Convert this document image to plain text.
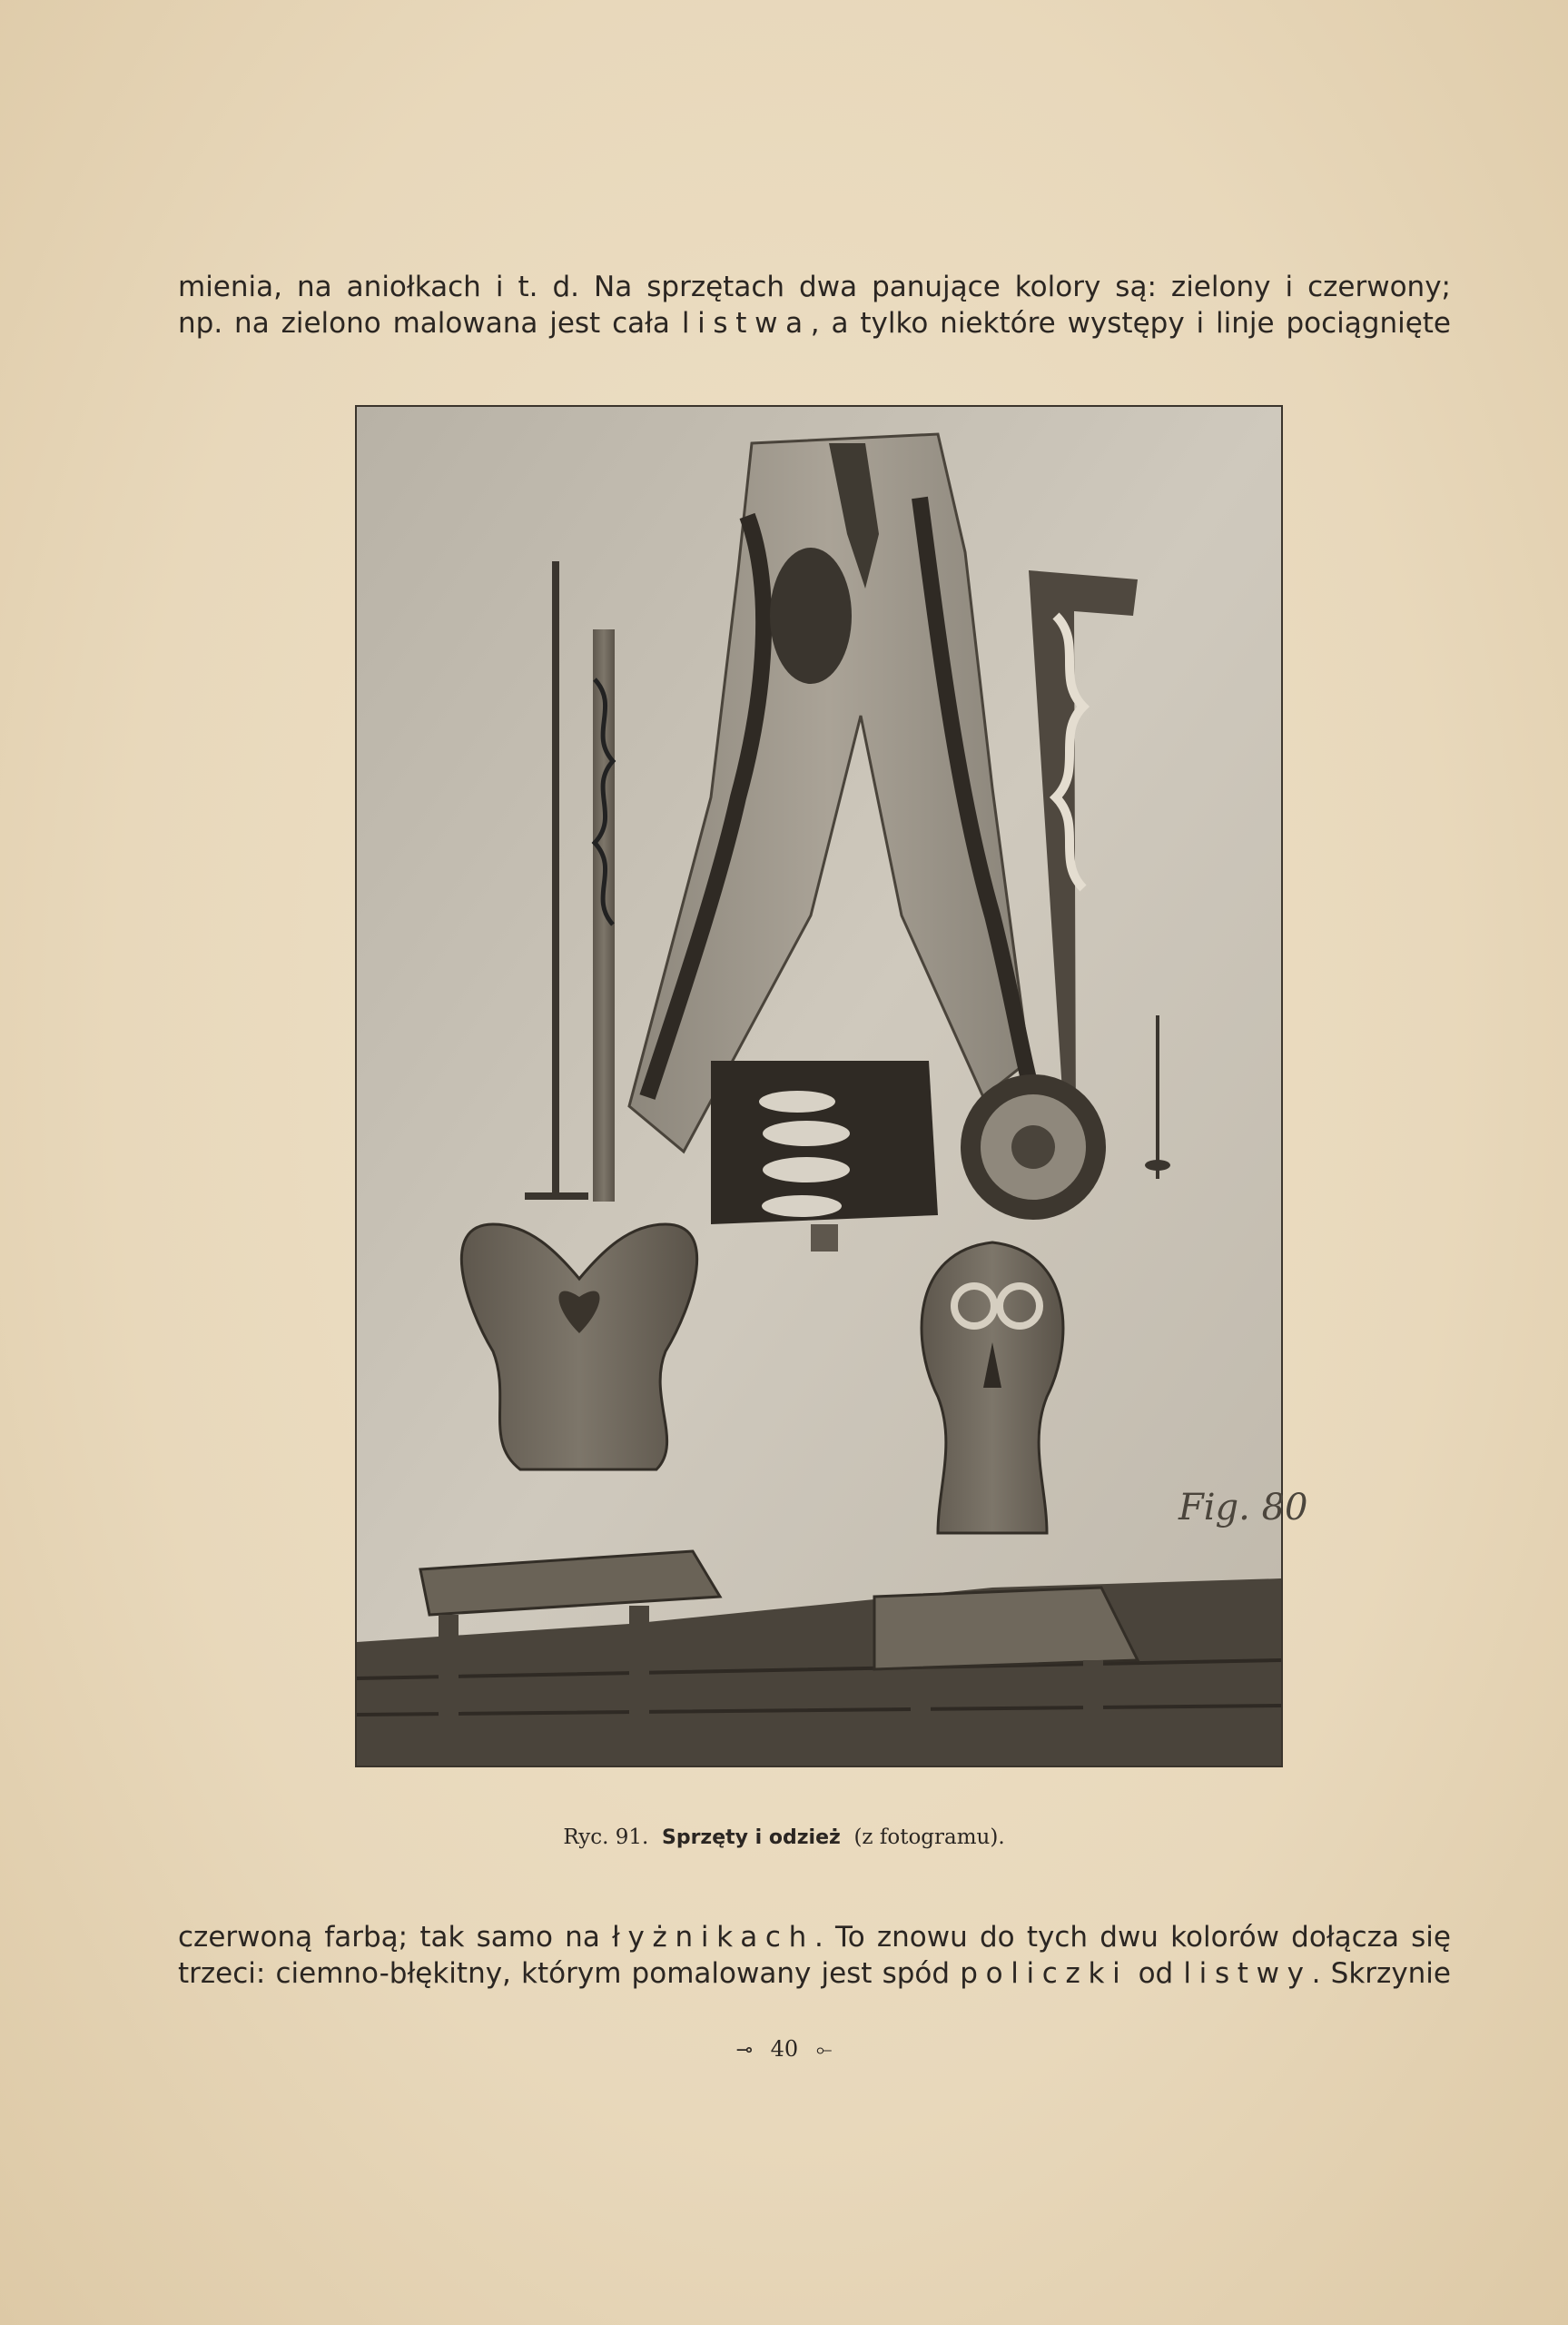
mienia, na aniołkach i t. d. Na sprzętach dwa panujące kolory są: zielony i czerwony;
np. na zielono malowana jest cała listwa, a tylko niektóre występy i linje pociągnięte
Fig. 80
Ryc. 91. Sprzęty i odzież (z fotogramu).
czerwoną farbą; tak samo na łyżnikach. To znowu do tych dwu kolorów dołącza się
trzeci: ciemno-błękitny, którym pomalowany jest spód policzki od listwy. Skrzynie
⊸ 40 ⟜
